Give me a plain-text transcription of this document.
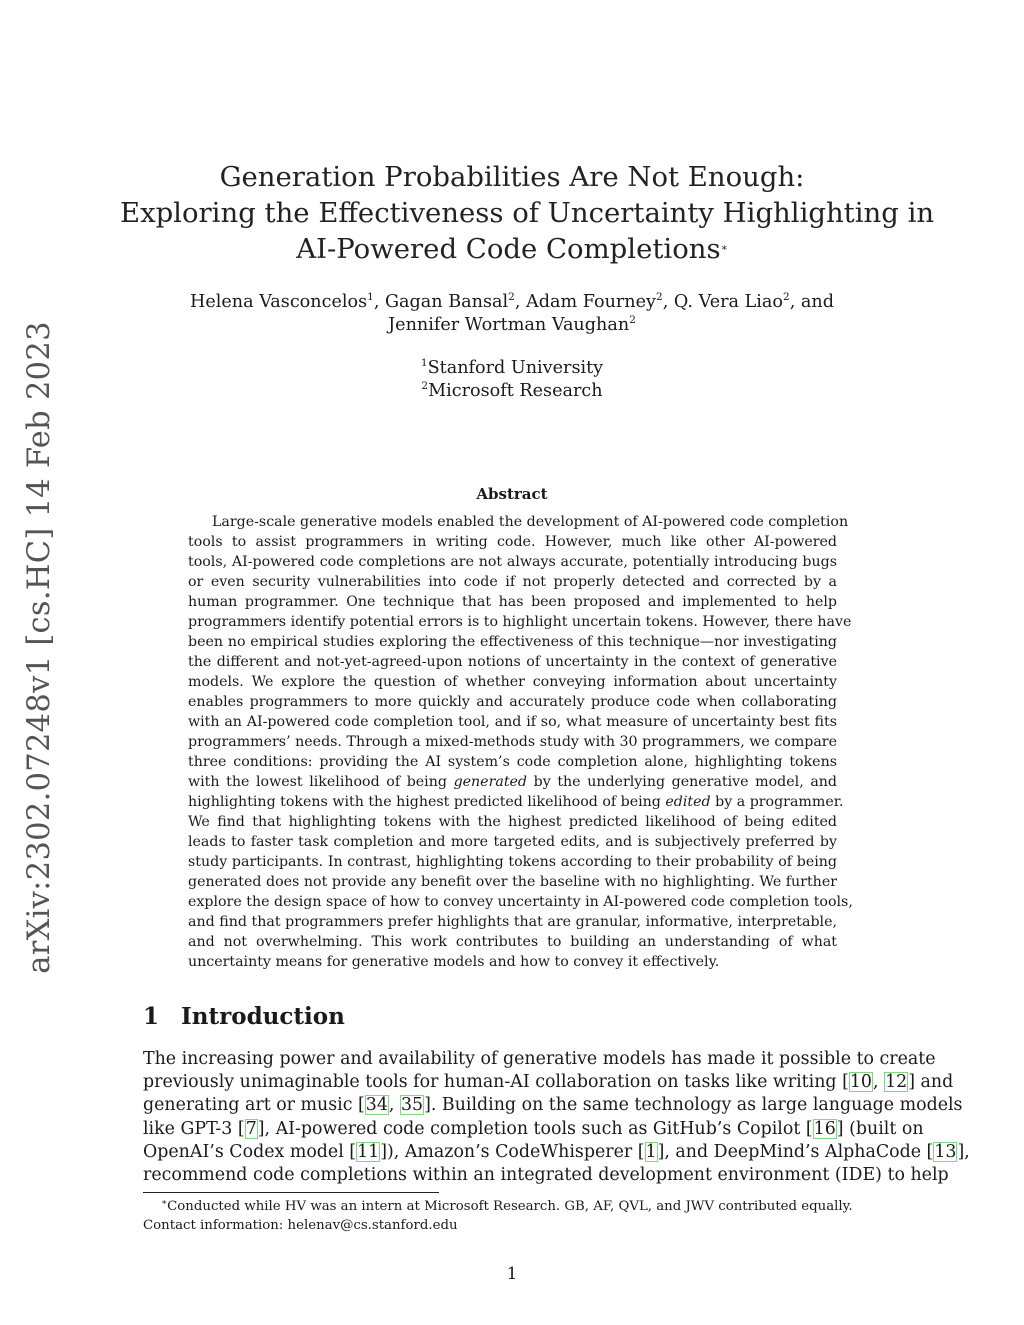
arXiv:2302.07248v1 [cs.HC] 14 Feb 2023
Generation Probabilities Are Not Enough:
Exploring the Effectiveness of Uncertainty Highlighting in
AI-Powered Code Completions∗
Helena Vasconcelos$^1$, Gagan Bansal$^2$, Adam Fourney$^2$, Q. Vera Liao$^2$, and
Jennifer Wortman Vaughan$^2$
$^1$Stanford University
$^2$Microsoft Research
Abstract
Large-scale generative models enabled the development of AI-powered code completion
tools to assist programmers in writing code. However, much like other AI-powered
tools, AI-powered code completions are not always accurate, potentially introducing bugs
or even security vulnerabilities into code if not properly detected and corrected by a
human programmer. One technique that has been proposed and implemented to help
programmers identify potential errors is to highlight uncertain tokens. However, there have
been no empirical studies exploring the effectiveness of this technique—nor investigating
the different and not-yet-agreed-upon notions of uncertainty in the context of generative
models. We explore the question of whether conveying information about uncertainty
enables programmers to more quickly and accurately produce code when collaborating
with an AI-powered code completion tool, and if so, what measure of uncertainty best fits
programmers’ needs. Through a mixed-methods study with 30 programmers, we compare
three conditions: providing the AI system’s code completion alone, highlighting tokens
with the lowest likelihood of being generated by the underlying generative model, and
highlighting tokens with the highest predicted likelihood of being edited by a programmer.
We find that highlighting tokens with the highest predicted likelihood of being edited
leads to faster task completion and more targeted edits, and is subjectively preferred by
study participants. In contrast, highlighting tokens according to their probability of being
generated does not provide any benefit over the baseline with no highlighting. We further
explore the design space of how to convey uncertainty in AI-powered code completion tools,
and find that programmers prefer highlights that are granular, informative, interpretable,
and not overwhelming. This work contributes to building an understanding of what
uncertainty means for generative models and how to convey it effectively.
1 Introduction
The increasing power and availability of generative models has made it possible to create
previously unimaginable tools for human-AI collaboration on tasks like writing [10, 12] and
generating art or music [34, 35]. Building on the same technology as large language models
like GPT-3 [7], AI-powered code completion tools such as GitHub’s Copilot [16] (built on
OpenAI’s Codex model [11]), Amazon’s CodeWhisperer [1], and DeepMind’s AlphaCode [13],
recommend code completions within an integrated development environment (IDE) to help
∗Conducted while HV was an intern at Microsoft Research. GB, AF, QVL, and JWV contributed equally.
Contact information: helenav@cs.stanford.edu
1
